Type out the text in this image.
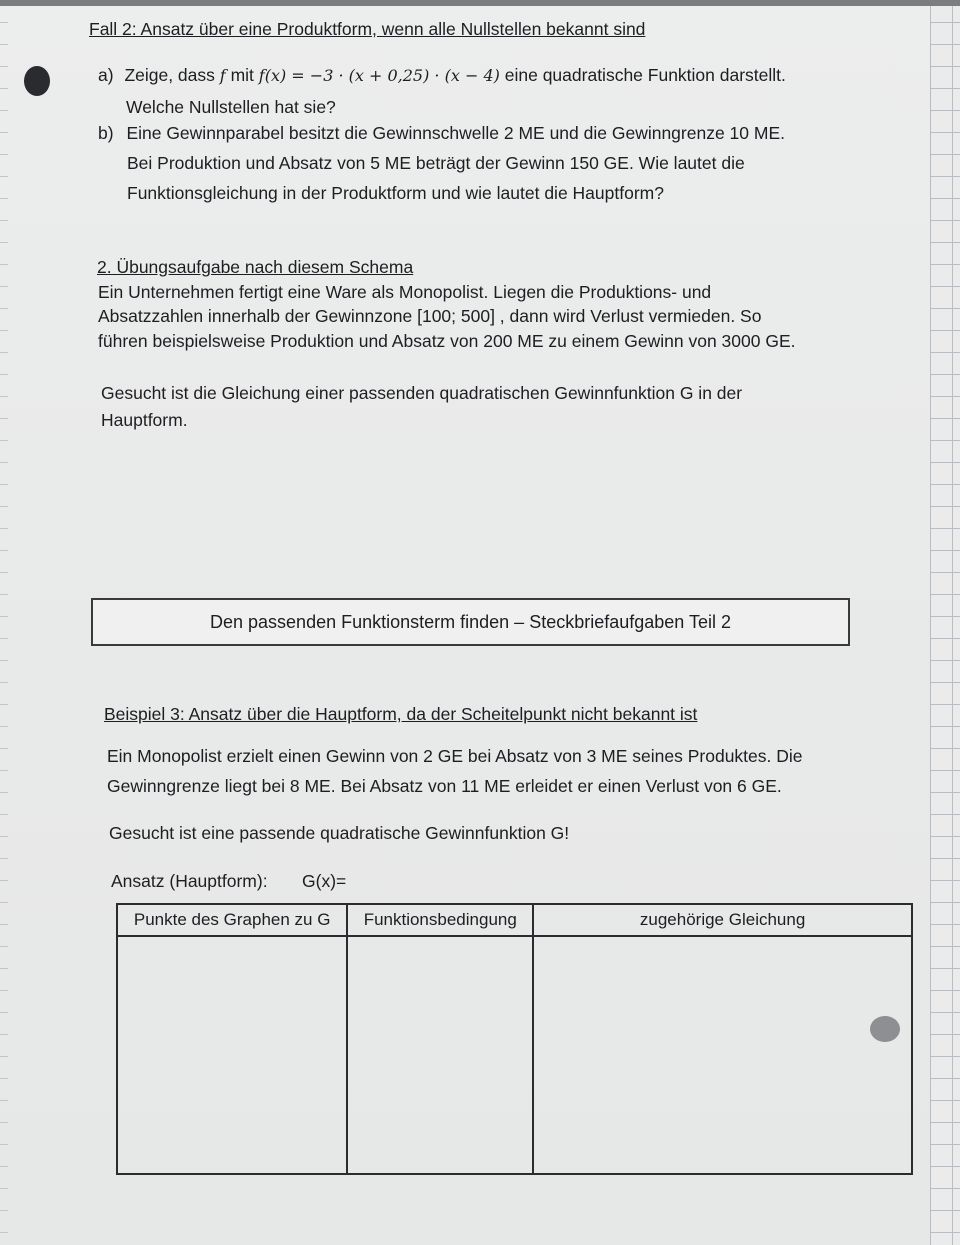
Fall 2: Ansatz über eine Produktform, wenn alle Nullstellen bekannt sind
a) Zeige, dass f mit f(x) = −3 · (x + 0,25) · (x − 4) eine quadratische Funktion darstellt.
Welche Nullstellen hat sie?
b) Eine Gewinnparabel besitzt die Gewinnschwelle 2 ME und die Gewinngrenze 10 ME.
Bei Produktion und Absatz von 5 ME beträgt der Gewinn 150 GE. Wie lautet die
Funktionsgleichung in der Produktform und wie lautet die Hauptform?
2. Übungsaufgabe nach diesem Schema
Ein Unternehmen fertigt eine Ware als Monopolist. Liegen die Produktions- und
Absatzzahlen innerhalb der Gewinnzone [100; 500] , dann wird Verlust vermieden. So
führen beispielsweise Produktion und Absatz von 200 ME zu einem Gewinn von 3000 GE.
Gesucht ist die Gleichung einer passenden quadratischen Gewinnfunktion G in der
Hauptform.
Den passenden Funktionsterm finden – Steckbriefaufgaben Teil 2
Beispiel 3: Ansatz über die Hauptform, da der Scheitelpunkt nicht bekannt ist
Ein Monopolist erzielt einen Gewinn von 2 GE bei Absatz von 3 ME seines Produktes. Die
Gewinngrenze liegt bei 8 ME. Bei Absatz von 11 ME erleidet er einen Verlust von 6 GE.
Gesucht ist eine passende quadratische Gewinnfunktion G!
Ansatz (Hauptform): G(x)=
Punkte des Graphen zu G	Funktionsbedingung	zugehörige Gleichung
